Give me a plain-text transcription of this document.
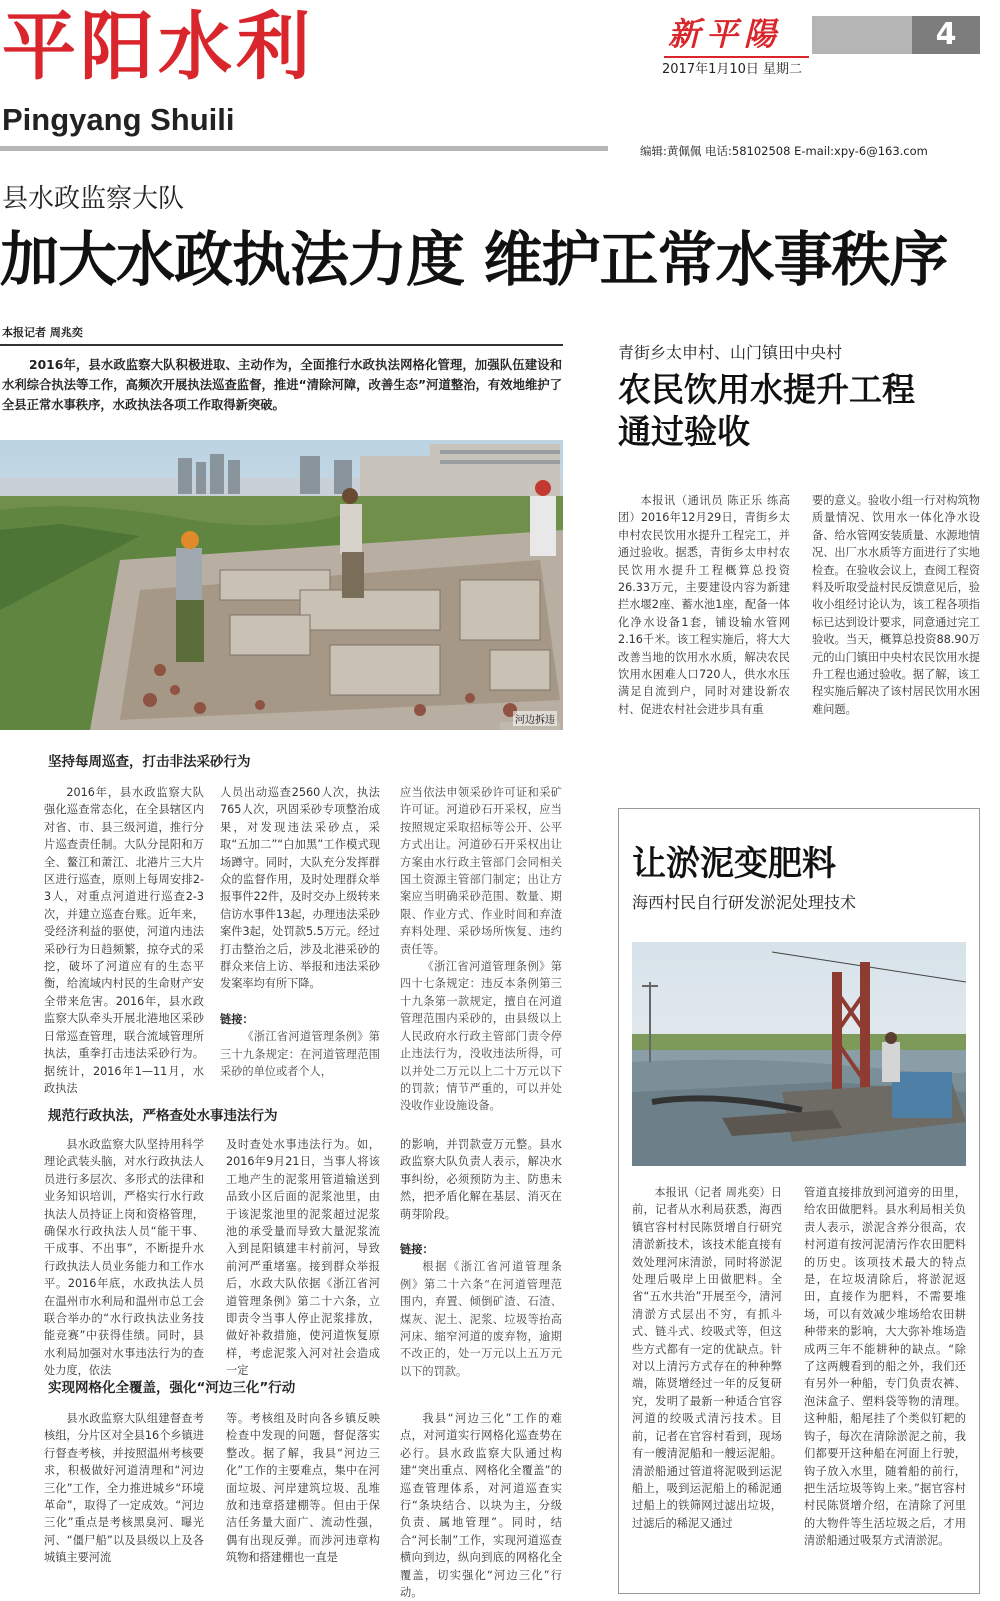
平阳水利
Pingyang Shuili
新平陽
2017年1月10日 星期二
4
编辑:黄佩佩 电话:58102508 E-mail:xpy-6@163.com
县水政监察大队
加大水政执法力度 维护正常水事秩序
本报记者 周兆奕
2016年，县水政监察大队积极进取、主动作为，全面推行水政执法网格化管理，加强队伍建设和水利综合执法等工作，高频次开展执法巡查监督，推进“清除河障，改善生态”河道整治，有效地维护了全县正常水事秩序，水政执法各项工作取得新突破。
河边拆违
青街乡太申村、山门镇田中央村
农民饮用水提升工程
通过验收

本报讯（通讯员 陈正乐 练高团）2016年12月29日，青街乡太申村农民饮用水提升工程完工，并通过验收。据悉，青街乡太申村农民饮用水提升工程概算总投资26.33万元，主要建设内容为新建拦水堰2座、蓄水池1座，配备一体化净水设备1套，铺设输水管网2.16千米。该工程实施后，将大大改善当地的饮用水水质，解决农民饮用水困难人口720人，供水水压满足自流到户，同时对建设新农村、促进农村社会进步具有重

要的意义。验收小组一行对构筑物质量情况、饮用水一体化净水设备、给水管网安装质量、水源地情况、出厂水水质等方面进行了实地检查。在验收会议上，查阅工程资料及听取受益村民反馈意见后，验收小组经讨论认为，该工程各项指标已达到设计要求，同意通过完工验收。当天，概算总投资88.90万元的山门镇田中央村农民饮用水提升工程也通过验收。据了解，该工程实施后解决了该村居民饮用水困难问题。

坚持每周巡查，打击非法采砂行为

2016年，县水政监察大队强化巡查常态化，在全县辖区内对省、市、县三级河道，推行分片巡查责任制。大队分昆阳和万全、鳌江和萧江、北港片三大片区进行巡查，原则上每周安排2-3人，对重点河道进行巡查2-3次，并建立巡查台账。近年来，受经济利益的驱使，河道内违法采砂行为日趋频繁，掠夺式的采挖，破坏了河道应有的生态平衡，给流域内村民的生命财产安全带来危害。2016年，县水政监察大队牵头开展北港地区采砂日常巡查管理，联合流域管理所执法，重拳打击违法采砂行为。据统计，2016年1—11月，水政执法

人员出动巡查2560人次，执法765人次，巩固采砂专项整治成果，对发现违法采砂点，采取“五加二”“白加黑”工作模式现场蹲守。同时，大队充分发挥群众的监督作用，及时处理群众举报事件22件，及时交办上级转来信访水事件13起，办理违法采砂案件3起，处罚款5.5万元。经过打击整治之后，涉及北港采砂的群众来信上访、举报和违法采砂发案率均有所下降。

链接：

《浙江省河道管理条例》第三十九条规定：在河道管理范围采砂的单位或者个人，

应当依法申领采砂许可证和采矿许可证。河道砂石开采权，应当按照规定采取招标等公开、公平方式出让。河道砂石开采权出让方案由水行政主管部门会同相关国土资源主管部门制定；出让方案应当明确采砂范围、数量、期限、作业方式、作业时间和弃渣弃料处理、采砂场所恢复、违约责任等。

《浙江省河道管理条例》第四十七条规定：违反本条例第三十九条第一款规定，擅自在河道管理范围内采砂的，由县级以上人民政府水行政主管部门责令停止违法行为，没收违法所得，可以并处二万元以上二十万元以下的罚款；情节严重的，可以并处没收作业设施设备。

规范行政执法，严格查处水事违法行为

县水政监察大队坚持用科学理论武装头脑，对水行政执法人员进行多层次、多形式的法律和业务知识培训，严格实行水行政执法人员持证上岗和资格管理，确保水行政执法人员“能干事、干成事、不出事”，不断提升水行政执法人员业务能力和工作水平。2016年底，水政执法人员在温州市水利局和温州市总工会联合举办的“水行政执法业务技能竞赛”中获得佳绩。同时，县水利局加强对水事违法行为的查处力度，依法

及时查处水事违法行为。如，2016年9月21日，当事人将该工地产生的泥浆用管道输送到品致小区后面的泥浆池里，由于该泥浆池里的泥浆超过泥浆池的承受量而导致大量泥浆流入到昆阳镇建丰村前河，导致前河严重堵塞。接到群众举报后，水政大队依据《浙江省河道管理条例》第二十六条，立即责令当事人停止泥浆排放，做好补救措施，使河道恢复原样，考虑泥浆入河对社会造成一定

的影响，并罚款壹万元整。县水政监察大队负责人表示，解决水事纠纷，必须预防为主、防患未然，把矛盾化解在基层、消灭在萌芽阶段。

链接：

根据《浙江省河道管理条例》第二十六条“在河道管理范围内，弃置、倾倒矿渣、石渣、煤灰、泥土、泥浆、垃圾等抬高河床、缩窄河道的废弃物，逾期不改正的，处一万元以上五万元以下的罚款。

实现网格化全覆盖，强化“河边三化”行动

县水政监察大队组建督查考核组，分片区对全县16个乡镇进行督查考核，并按照温州考核要求，积极做好河道清理和“河边三化”工作，全力推进城乡“环境革命”，取得了一定成效。“河边三化”重点是考核黑臭河、曝光河、“僵尸船”以及县级以上及各城镇主要河流

等。考核组及时向各乡镇反映检查中发现的问题，督促落实整改。据了解，我县“河边三化”工作的主要难点，集中在河面垃圾、河岸建筑垃圾、乱堆放和违章搭建棚等。但由于保洁任务量大面广、流动性强，偶有出现反弹。而涉河违章构筑物和搭建棚也一直是

我县“河边三化”工作的难点，对河道实行网格化巡查势在必行。县水政监察大队通过构建“突出重点、网格化全覆盖”的巡查管理体系，对河道巡查实行“条块结合、以块为主，分级负责、属地管理”。同时，结合“河长制”工作，实现河道巡查横向到边，纵向到底的网格化全覆盖，切实强化“河边三化”行动。

让淤泥变肥料
海西村民自行研发淤泥处理技术

本报讯（记者 周兆奕）日前，记者从水利局获悉，海西镇官容村村民陈贤增自行研究清淤新技术，该技术能直接有效处理河床清淤，同时将淤泥处理后吸岸上田做肥料。全省“五水共治”开展至今，清河清淤方式层出不穷，有抓斗式、链斗式、绞吸式等，但这些方式都有一定的优缺点。针对以上清污方式存在的种种弊端，陈贤增经过一年的反复研究，发明了最新一种适合官容河道的绞吸式清污技术。目前，记者在官容村看到，现场有一艘清泥船和一艘运泥船。清淤船通过管道将泥吸到运泥船上，吸到运泥船上的稀泥通过船上的铁筛网过滤出垃圾，过滤后的稀泥又通过

管道直接排放到河道旁的田里，给农田做肥料。县水利局相关负责人表示，淤泥含养分很高，农村河道有按河泥清污作农田肥料的历史。该项技术最大的特点是，在垃圾清除后，将淤泥返田，直接作为肥料，不需要堆场，可以有效减少堆场给农田耕种带来的影响，大大弥补堆场造成两三年不能耕种的缺点。“除了这两艘看到的船之外，我们还有另外一种船，专门负责农裤、泡沫盒子、塑料袋等物的清理。这种船，船尾挂了个类似钉耙的钩子，每次在清除淤泥之前，我们都要开这种船在河面上行驶，钩子放入水里，随着船的前行，把生活垃圾等钩上来。”据官容村村民陈贤增介绍，在清除了河里的大物件等生活垃圾之后，才用清淤船通过吸泵方式清淤泥。
